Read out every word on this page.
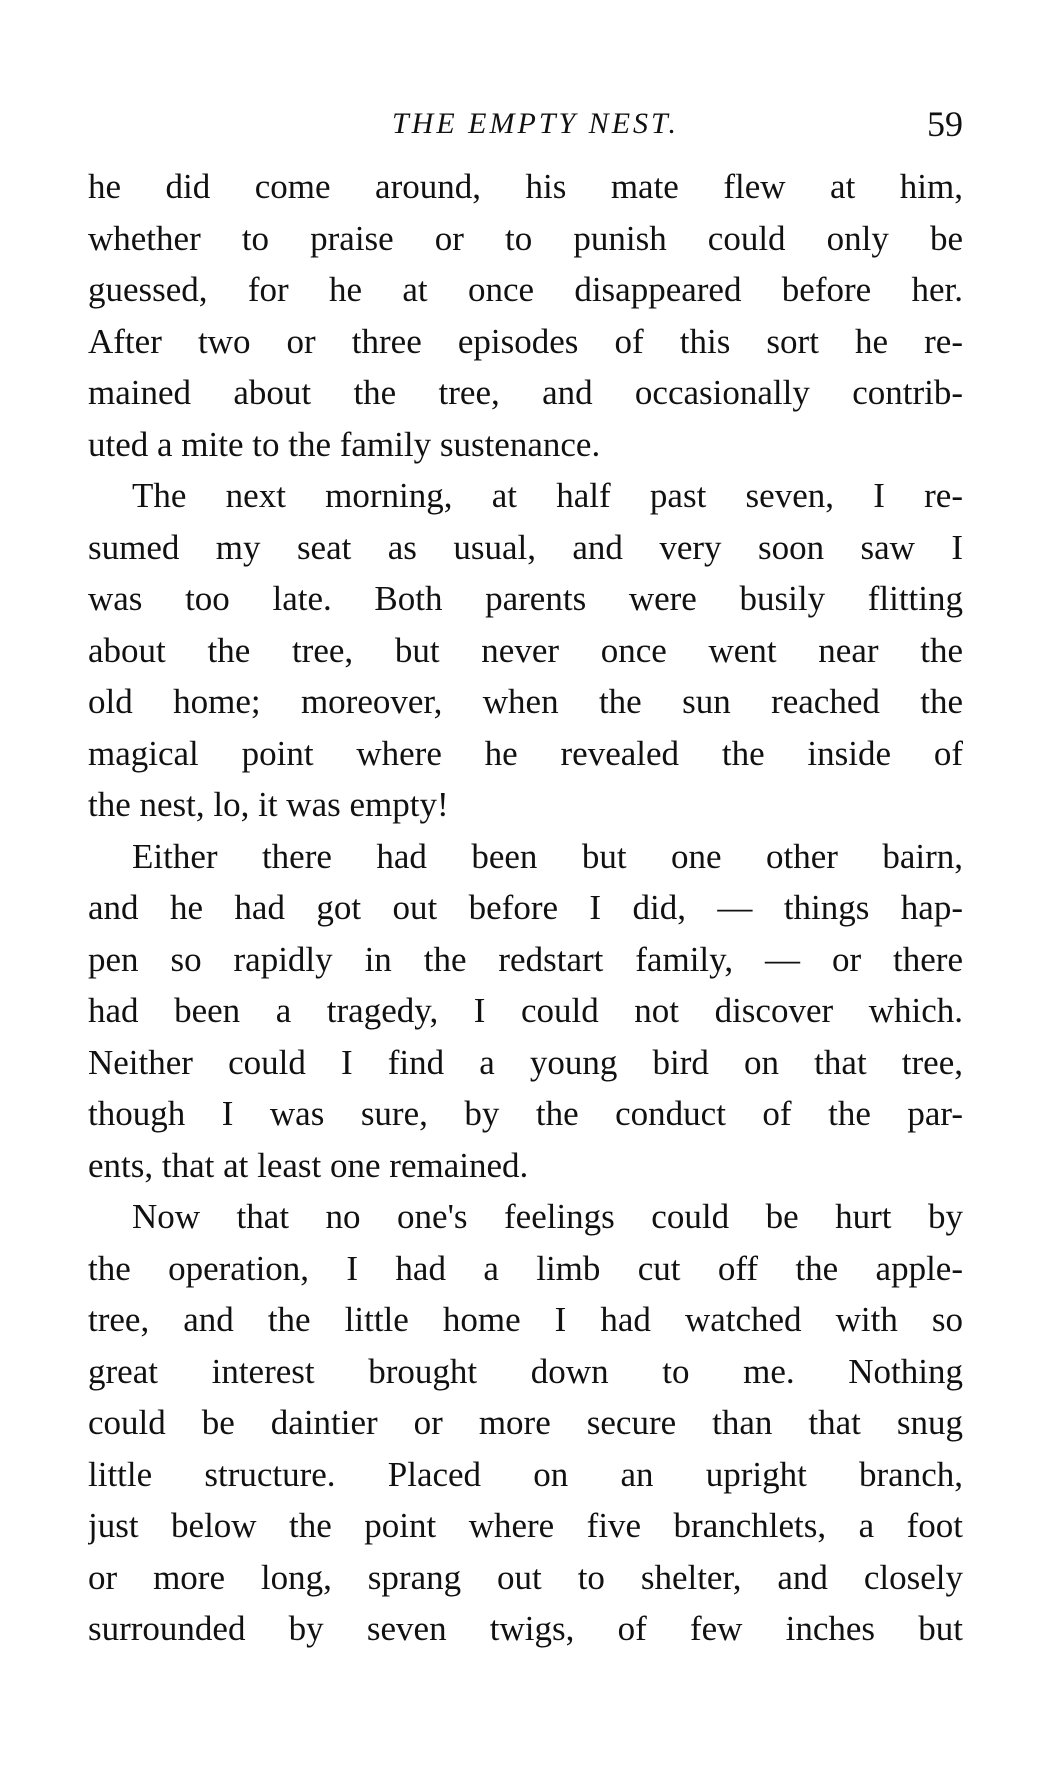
THE EMPTY NEST.	59
he did come around, his mate flew at him,
whether to praise or to punish could only be
guessed, for he at once disappeared before her.
After two or three episodes of this sort he re-
mained about the tree, and occasionally contrib-
uted a mite to the family sustenance.
The next morning, at half past seven, I re-
sumed my seat as usual, and very soon saw I
was too late. Both parents were busily flitting
about the tree, but never once went near the
old home; moreover, when the sun reached the
magical point where he revealed the inside of
the nest, lo, it was empty!
Either there had been but one other bairn,
and he had got out before I did, — things hap-
pen so rapidly in the redstart family, — or there
had been a tragedy, I could not discover which.
Neither could I find a young bird on that tree,
though I was sure, by the conduct of the par-
ents, that at least one remained.
Now that no one's feelings could be hurt by
the operation, I had a limb cut off the apple-
tree, and the little home I had watched with so
great interest brought down to me. Nothing
could be daintier or more secure than that snug
little structure. Placed on an upright branch,
just below the point where five branchlets, a foot
or more long, sprang out to shelter, and closely
surrounded by seven twigs, of few inches but
